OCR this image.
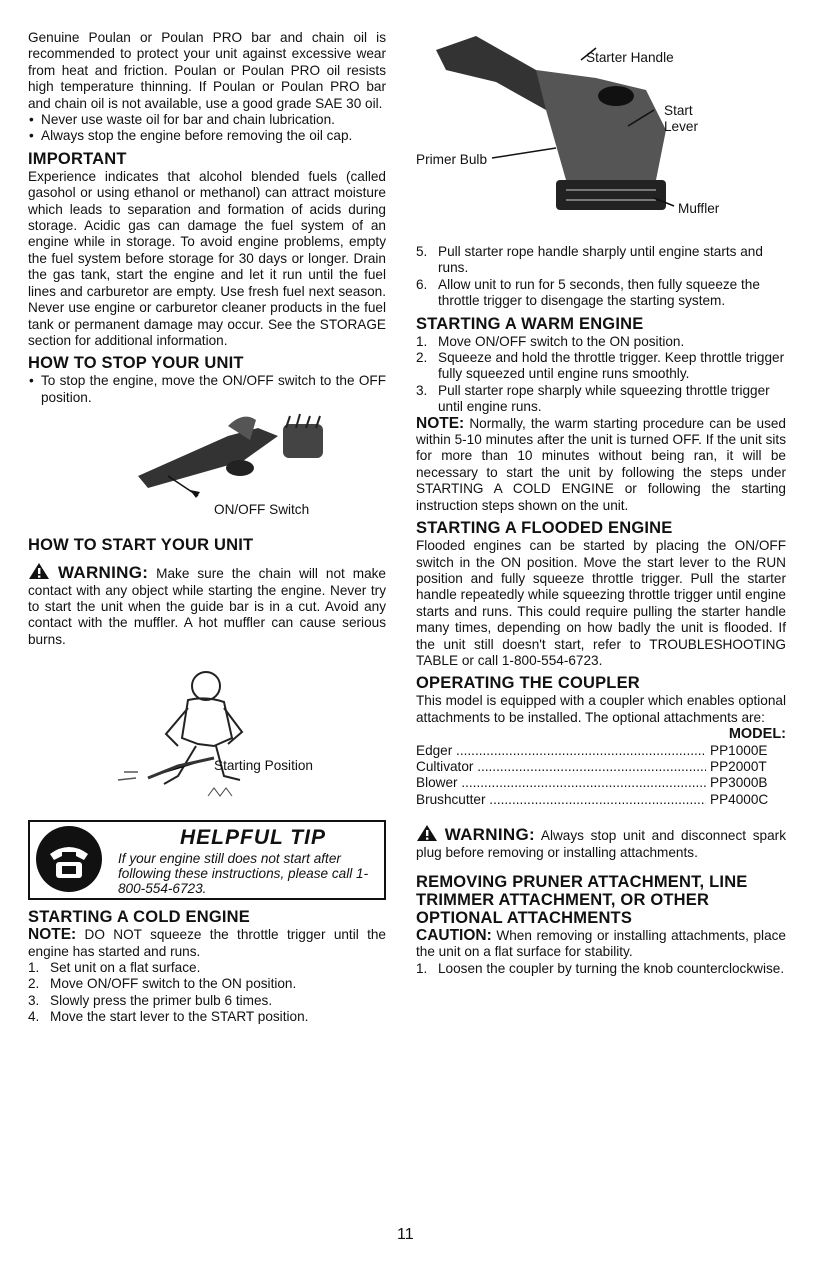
Genuine Poulan or Poulan PRO bar and chain oil is recommended to protect your unit against excessive wear from heat and friction. Poulan or Poulan PRO oil resists high temperature thinning. If Poulan or Poulan PRO bar and chain oil is not available, use a good grade SAE 30 oil.

• Never use waste oil for bar and chain lubrication.
• Always stop the engine before removing the oil cap.
IMPORTANT

Experience indicates that alcohol blended fuels (called gasohol or using ethanol or methanol) can attract moisture which leads to separation and formation of acids during storage. Acidic gas can damage the fuel system of an engine while in storage. To avoid engine problems, empty the fuel system before storage for 30 days or longer. Drain the gas tank, start the engine and let it run until the fuel lines and carburetor are empty. Use fresh fuel next season. Never use engine or carburetor cleaner products in the fuel tank or permanent damage may occur. See the STORAGE section for additional information.

HOW TO STOP YOUR UNIT
• To stop the engine, move the ON/OFF switch to the OFF position.
ON/OFF Switch
HOW TO START YOUR UNIT

WARNING: Make sure the chain will not make contact with any object while starting the engine. Never try to start the unit when the guide bar is in a cut. Avoid any contact with the muffler. A hot muffler can cause serious burns.

Starting Position
HELPFUL TIP
If your engine still does not start after following these instructions, please call 1-800-554-6723.
STARTING A COLD ENGINE

NOTE: DO NOT squeeze the throttle trigger until the engine has started and runs.

1. Set unit on a flat surface.
2. Move ON/OFF switch to the ON position.
3. Slowly press the primer bulb 6 times.
4. Move the start lever to the START position.
Starter Handle
Start
Lever
Primer Bulb
Muffler
5. Pull starter rope handle sharply until engine starts and runs.
6. Allow unit to run for 5 seconds, then fully squeeze the throttle trigger to disengage the starting system.
STARTING A WARM ENGINE
1. Move ON/OFF switch to the ON position.
2. Squeeze and hold the throttle trigger. Keep throttle trigger fully squeezed until engine runs smoothly.
3. Pull starter rope sharply while squeezing throttle trigger until engine runs.

NOTE: Normally, the warm starting procedure can be used within 5-10 minutes after the unit is turned OFF. If the unit sits for more than 10 minutes without being ran, it will be necessary to start the unit by following the steps under STARTING A COLD ENGINE or following the starting instruction steps shown on the unit.

STARTING A FLOODED ENGINE

Flooded engines can be started by placing the ON/OFF switch in the ON position. Move the start lever to the RUN position and fully squeeze throttle trigger. Pull the starter handle repeatedly while squeezing throttle trigger until engine starts and runs. This could require pulling the starter handle many times, depending on how badly the unit is flooded. If the unit still doesn't start, refer to TROUBLESHOOTING TABLE or call 1-800-554-6723.

OPERATING THE COUPLER

This model is equipped with a coupler which enables optional attachments to be installed. The optional attachments are:

MODEL:
Edger .....	PP1000E
Cultivator .....	PP2000T
Blower .....	PP3000B
Brushcutter .....	PP4000C

WARNING: Always stop unit and disconnect spark plug before removing or installing attachments.

REMOVING PRUNER ATTACHMENT, LINE TRIMMER ATTACHMENT, OR OTHER OPTIONAL ATTACHMENTS

CAUTION: When removing or installing attachments, place the unit on a flat surface for stability.

1. Loosen the coupler by turning the knob counterclockwise.
11
